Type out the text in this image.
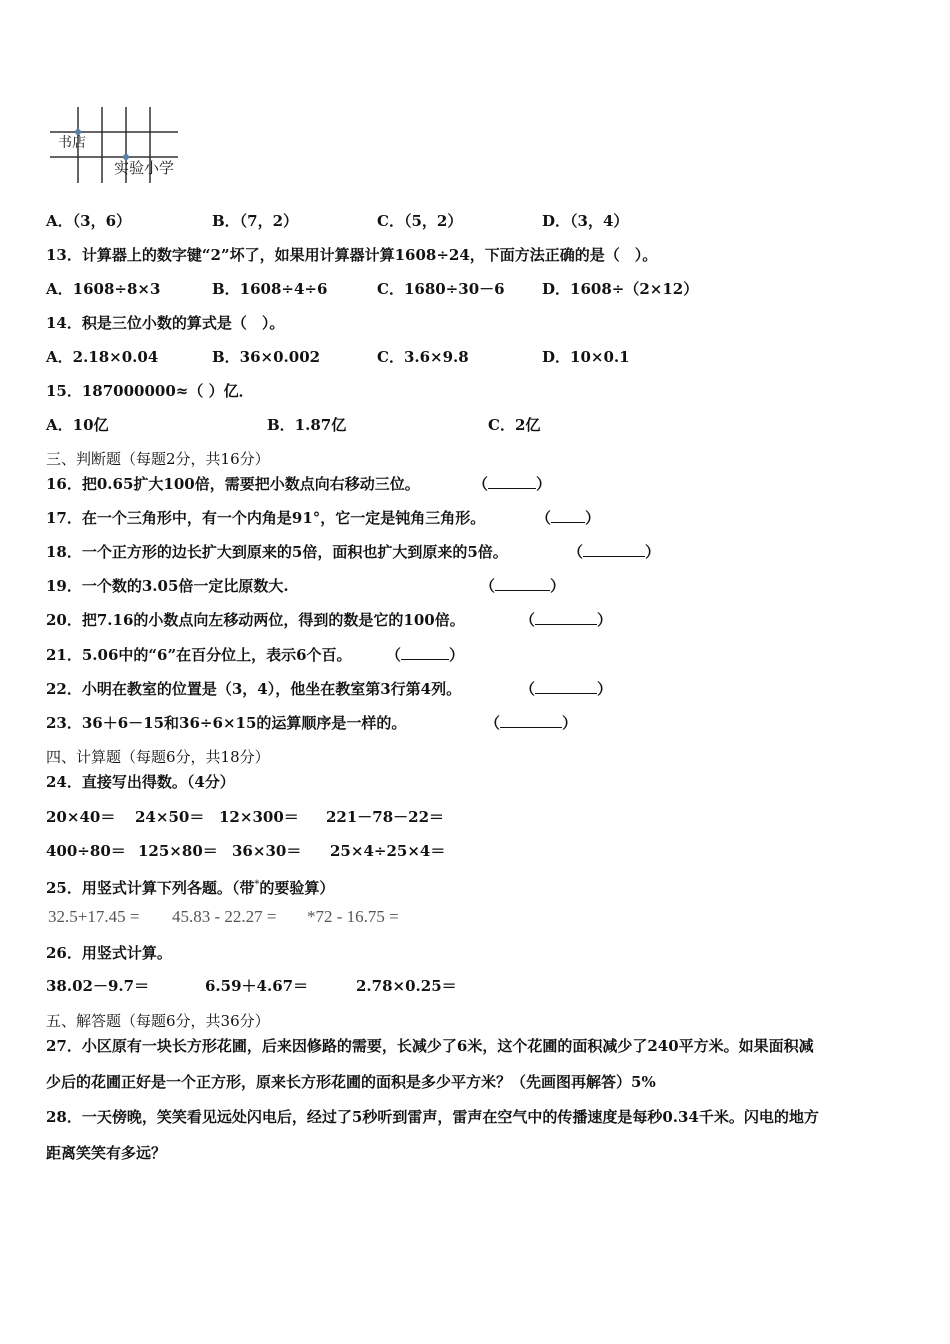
书店
实验小学
A．（3，6）	B．（7，2）	C．（5，2）	D．（3，4）
13．计算器上的数字键“2”坏了，如果用计算器计算1608÷24，下面方法正确的是（　）。
A．1608÷8×3	B．1608÷4÷6	C．1680÷30－6 D．1608÷（2×12）
14．积是三位小数的算式是（　）。
A．2.18×0.04	B．36×0.002	C．3.6×9.8	D．10×0.1
15．187000000≈（ ）亿．
A．10亿	B．1.87亿	C．2亿
三、判断题（每题2分，共16分）
16．把0.65扩大100倍，需要把小数点向右移动三位。	（	）
17．在一个三角形中，有一个内角是91°，它一定是钝角三角形。	（ ）
18．一个正方形的边长扩大到原来的5倍，面积也扩大到原来的5倍。	（	）
19．一个数的3.05倍一定比原数大.	（	）
20．把7.16的小数点向左移动两位，得到的数是它的100倍。	（	）
21．5.06中的“6”在百分位上，表示6个百。 （	）
22．小明在教室的位置是（3，4），他坐在教室第3行第4列。	（	）
23．36＋6－15和36÷6×15的运算顺序是一样的。	（	）
四、计算题（每题6分，共18分）
24．直接写出得数。（4分）
20×40＝ 24×50＝ 12×300＝ 221－78－22＝
400÷80＝ 125×80＝ 36×30＝ 25×4÷25×4＝
25．用竖式计算下列各题。（带*的要验算）
32.5+17.45 = 45.83 - 22.27 = *72 - 16.75 =
26．用竖式计算。
38.02－9.7＝	6.59＋4.67＝	2.78×0.25＝
五、解答题（每题6分，共36分）
27．小区原有一块长方形花圃，后来因修路的需要，长减少了6米，这个花圃的面积减少了240平方米。如果面积减
少后的花圃正好是一个正方形，原来长方形花圃的面积是多少平方米？（先画图再解答）5%
28．一天傍晚，笑笑看见远处闪电后，经过了5秒听到雷声，雷声在空气中的传播速度是每秒0.34千米。闪电的地方
距离笑笑有多远？
